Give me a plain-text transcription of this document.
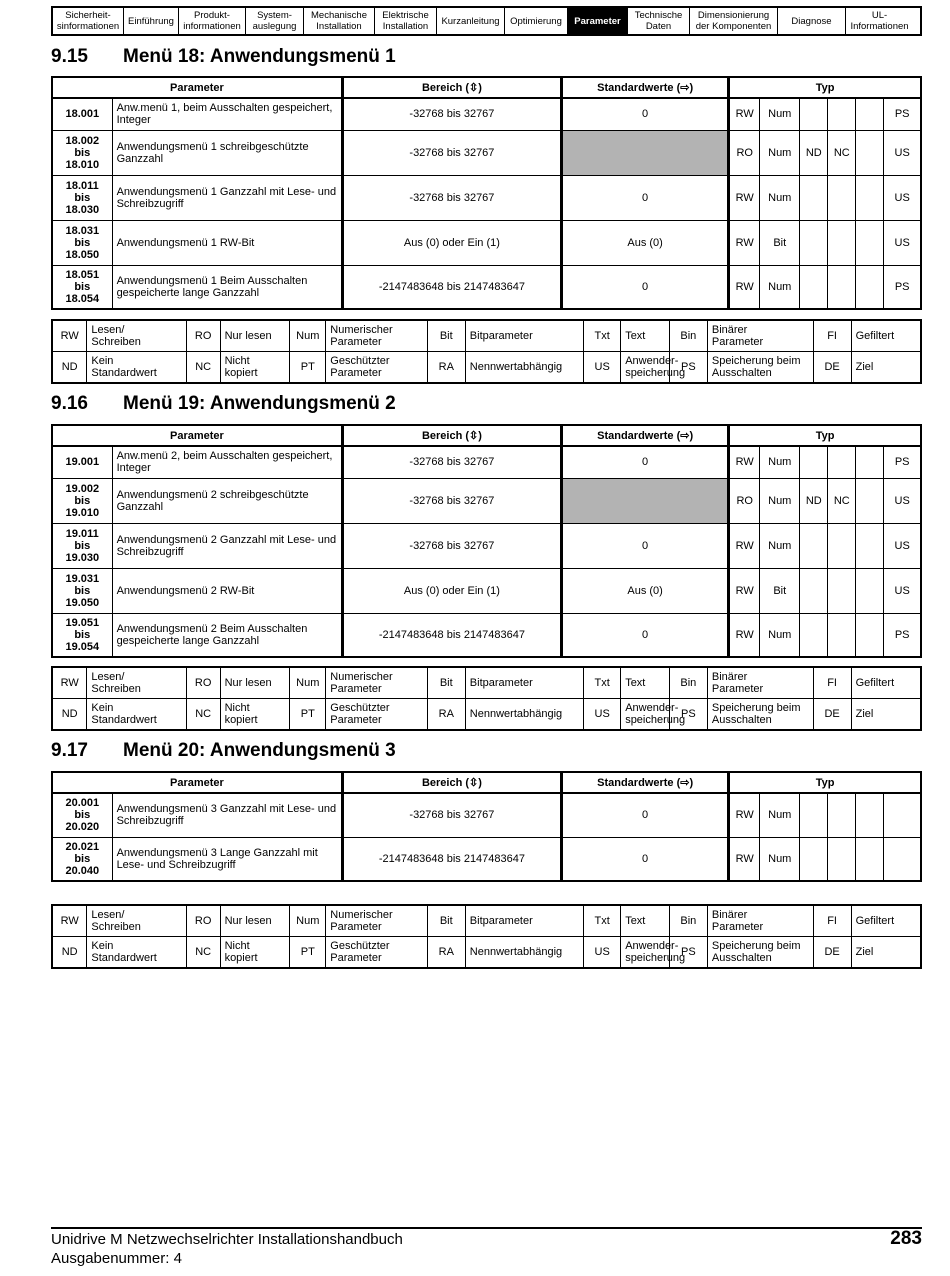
Sicherheit-
sinformationen Einführung	Produkt-
informationen
System-
auslegung
Mechanische
Installation
Elektrische
Installation	Kurzanleitung	Optimierung	Parameter	Technische
Daten
Dimensionierung
der Komponenten	Diagnose	UL-
Informationen
9.15 Menü 18: Anwendungsmenü 1
Parameter		Bereich (⇳)	Standardwerte (⇨)	Typ					
18.001	Anw.menü 1, beim Ausschalten gespeichert, Integer	-32768 bis 32767	0	RW	Num				PS
18.002
bis
18.010	Anwendungsmenü 1 schreibgeschützte Ganzzahl	-32768 bis 32767		RO	Num	ND	NC		US
18.011
bis
18.030	Anwendungsmenü 1 Ganzzahl mit Lese- und Schreibzugriff	-32768 bis 32767	0	RW	Num				US
18.031
bis
18.050	Anwendungsmenü 1 RW-Bit	Aus (0) oder Ein (1)	Aus (0)	RW	Bit				US
18.051
bis
18.054	Anwendungsmenü 1 Beim Ausschalten gespeicherte lange Ganzzahl	-2147483648 bis 2147483647	0	RW	Num				PS
RW	Lesen/
Schreiben	RO	Nur lesen	Num	Numerischer
Parameter	Bit	Bitparameter	Txt	Text	Bin	Binärer
Parameter	FI	Gefiltert
ND	Kein
Standardwert	NC	Nicht
kopiert	PT	Geschützter
Parameter	RA	Nennwertabhängig	US	Anwender-
speicherung	PS	Speicherung beim
Ausschalten	DE	Ziel
9.16 Menü 19: Anwendungsmenü 2
Parameter		Bereich (⇳)	Standardwerte (⇨)	Typ					
19.001	Anw.menü 2, beim Ausschalten gespeichert, Integer	-32768 bis 32767	0	RW	Num				PS
19.002
bis
19.010	Anwendungsmenü 2 schreibgeschützte Ganzzahl	-32768 bis 32767		RO	Num	ND	NC		US
19.011
bis
19.030	Anwendungsmenü 2 Ganzzahl mit Lese- und Schreibzugriff	-32768 bis 32767	0	RW	Num				US
19.031
bis
19.050	Anwendungsmenü 2 RW-Bit	Aus (0) oder Ein (1)	Aus (0)	RW	Bit				US
19.051
bis
19.054	Anwendungsmenü 2 Beim Ausschalten gespeicherte lange Ganzzahl	-2147483648 bis 2147483647	0	RW	Num				PS
RW	Lesen/
Schreiben	RO	Nur lesen	Num	Numerischer
Parameter	Bit	Bitparameter	Txt	Text	Bin	Binärer
Parameter	FI	Gefiltert
ND	Kein
Standardwert	NC	Nicht
kopiert	PT	Geschützter
Parameter	RA	Nennwertabhängig	US	Anwender-
speicherung	PS	Speicherung beim
Ausschalten	DE	Ziel
9.17 Menü 20: Anwendungsmenü 3
Parameter		Bereich (⇳)	Standardwerte (⇨)	Typ					
20.001
bis
20.020	Anwendungsmenü 3 Ganzzahl mit Lese- und Schreibzugriff	-32768 bis 32767	0	RW	Num				
20.021
bis
20.040	Anwendungsmenü 3 Lange Ganzzahl mit Lese- und Schreibzugriff	-2147483648 bis 2147483647	0	RW	Num				
RW	Lesen/
Schreiben	RO	Nur lesen	Num	Numerischer
Parameter	Bit	Bitparameter	Txt	Text	Bin	Binärer
Parameter	FI	Gefiltert
ND	Kein
Standardwert	NC	Nicht
kopiert	PT	Geschützter
Parameter	RA	Nennwertabhängig	US	Anwender-
speicherung	PS	Speicherung beim
Ausschalten	DE	Ziel
Unidrive M Netzwechselrichter Installationshandbuch
Ausgabenummer: 4
283
